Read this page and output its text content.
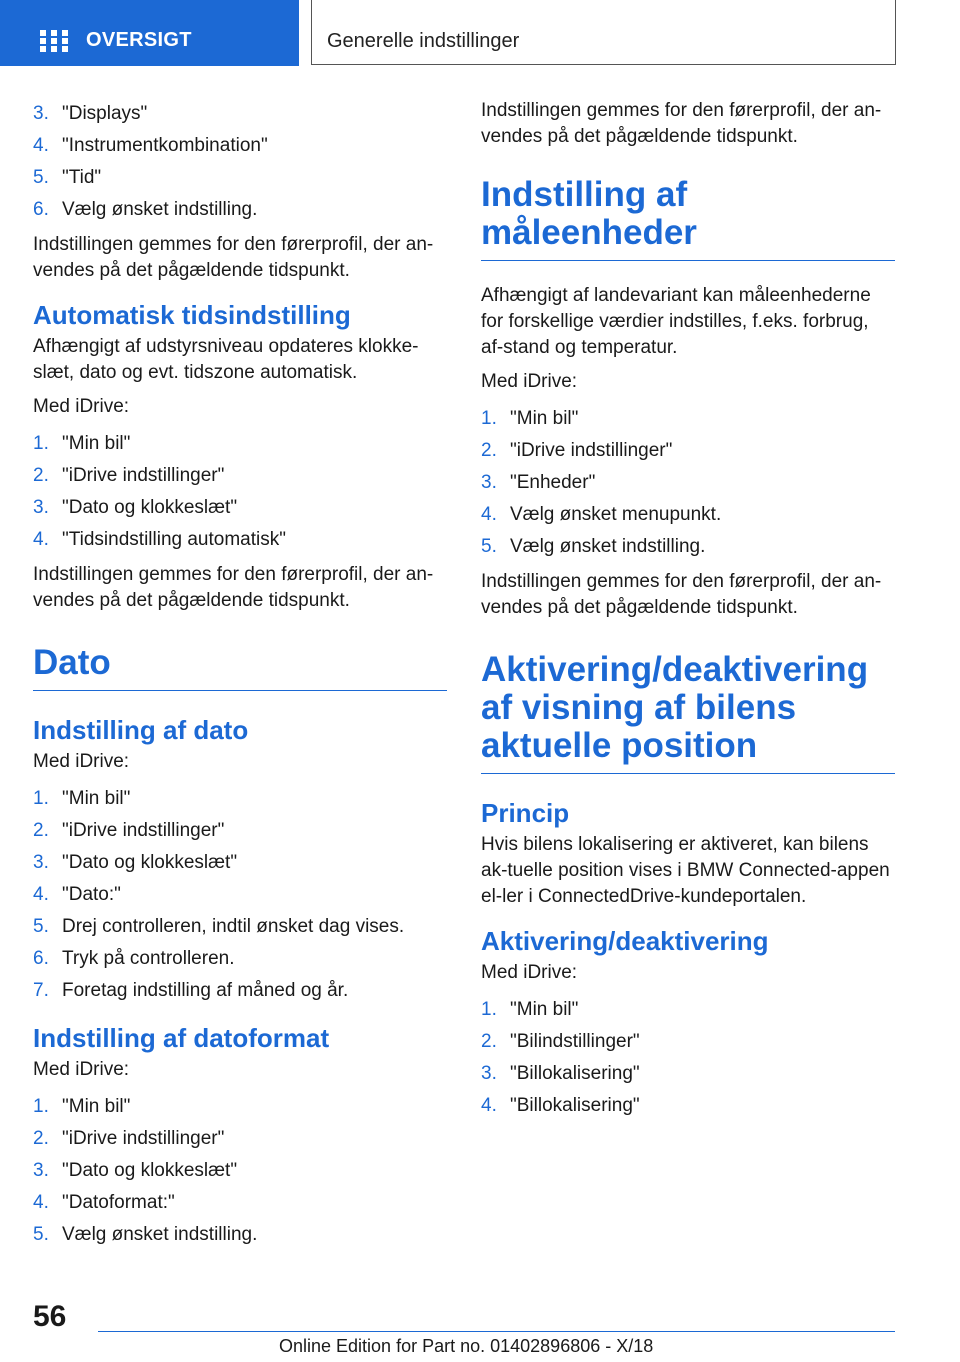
OVERSIGT	Generelle indstillinger
3. "Displays"
4. "Instrumentkombination"
5. "Tid"
6. Vælg ønsket indstilling.

Indstillingen gemmes for den førerprofil, der an-vendes på det pågældende tidspunkt.

Automatisk tidsindstilling

Afhængigt af udstyrsniveau opdateres klokke-slæt, dato og evt. tidszone automatisk.

Med iDrive:

1. "Min bil"
2. "iDrive indstillinger"
3. "Dato og klokkeslæt"
4. "Tidsindstilling automatisk"

Indstillingen gemmes for den førerprofil, der an-vendes på det pågældende tidspunkt.

Dato
Indstilling af dato

Med iDrive:

1. "Min bil"
2. "iDrive indstillinger"
3. "Dato og klokkeslæt"
4. "Dato:"
5. Drej controlleren, indtil ønsket dag vises.
6. Tryk på controlleren.
7. Foretag indstilling af måned og år.
Indstilling af datoformat

Med iDrive:

1. "Min bil"
2. "iDrive indstillinger"
3. "Dato og klokkeslæt"
4. "Datoformat:"
5. Vælg ønsket indstilling.

Indstillingen gemmes for den førerprofil, der an-vendes på det pågældende tidspunkt.

Indstilling af måleenheder

Afhængigt af landevariant kan måleenhederne for forskellige værdier indstilles, f.eks. forbrug, af-stand og temperatur.

Med iDrive:

1. "Min bil"
2. "iDrive indstillinger"
3. "Enheder"
4. Vælg ønsket menupunkt.
5. Vælg ønsket indstilling.

Indstillingen gemmes for den førerprofil, der an-vendes på det pågældende tidspunkt.

Aktivering/deaktivering af visning af bilens aktuelle position
Princip

Hvis bilens lokalisering er aktiveret, kan bilens ak-tuelle position vises i BMW Connected-appen el-ler i ConnectedDrive-kundeportalen.

Aktivering/deaktivering

Med iDrive:

1. "Min bil"
2. "Bilindstillinger"
3. "Billokalisering"
4. "Billokalisering"
56
Online Edition for Part no. 01402896806 - X/18
